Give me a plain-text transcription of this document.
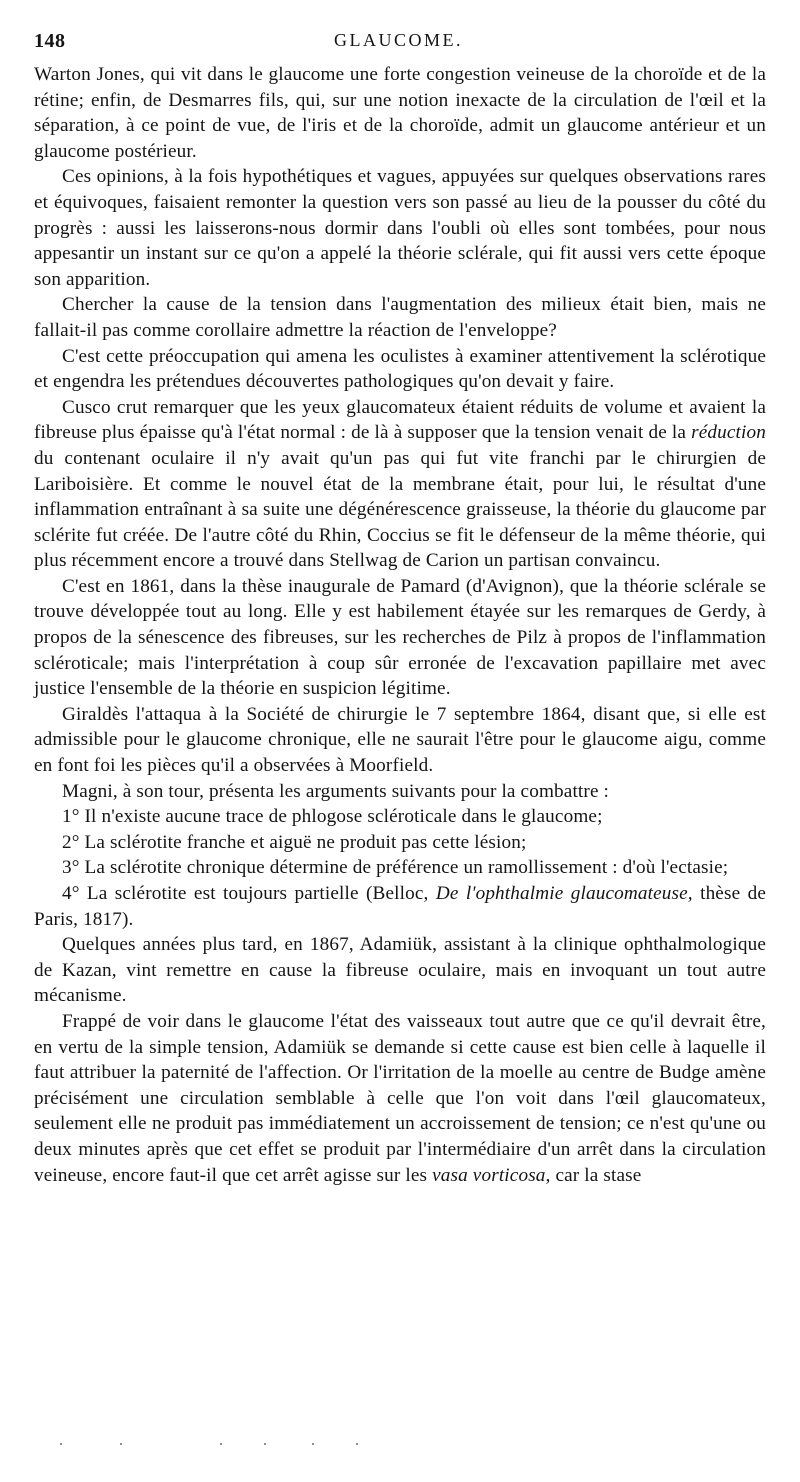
148	GLAUCOME.

Warton Jones, qui vit dans le glaucome une forte congestion veineuse de la choroïde et de la rétine; enfin, de Desmarres fils, qui, sur une notion inexacte de la circulation de l'œil et la séparation, à ce point de vue, de l'iris et de la choroïde, admit un glaucome antérieur et un glaucome postérieur.

Ces opinions, à la fois hypothétiques et vagues, appuyées sur quelques observations rares et équivoques, faisaient remonter la question vers son passé au lieu de la pousser du côté du progrès : aussi les laisserons-nous dormir dans l'oubli où elles sont tombées, pour nous appesantir un instant sur ce qu'on a appelé la théorie sclérale, qui fit aussi vers cette époque son apparition.

Chercher la cause de la tension dans l'augmentation des milieux était bien, mais ne fallait-il pas comme corollaire admettre la réaction de l'enveloppe?

C'est cette préoccupation qui amena les oculistes à examiner attentivement la sclérotique et engendra les prétendues découvertes pathologiques qu'on devait y faire.

Cusco crut remarquer que les yeux glaucomateux étaient réduits de volume et avaient la fibreuse plus épaisse qu'à l'état normal : de là à supposer que la tension venait de la réduction du contenant oculaire il n'y avait qu'un pas qui fut vite franchi par le chirurgien de Lariboisière. Et comme le nouvel état de la membrane était, pour lui, le résultat d'une inflammation entraînant à sa suite une dégénérescence graisseuse, la théorie du glaucome par sclérite fut créée. De l'autre côté du Rhin, Coccius se fit le défenseur de la même théorie, qui plus récemment encore a trouvé dans Stellwag de Carion un partisan convaincu.

C'est en 1861, dans la thèse inaugurale de Pamard (d'Avignon), que la théorie sclérale se trouve développée tout au long. Elle y est habilement étayée sur les remarques de Gerdy, à propos de la sénescence des fibreuses, sur les recherches de Pilz à propos de l'inflammation scléroticale; mais l'interprétation à coup sûr erronée de l'excavation papillaire met avec justice l'ensemble de la théorie en suspicion légitime.

Giraldès l'attaqua à la Société de chirurgie le 7 septembre 1864, disant que, si elle est admissible pour le glaucome chronique, elle ne saurait l'être pour le glaucome aigu, comme en font foi les pièces qu'il a observées à Moorfield.

Magni, à son tour, présenta les arguments suivants pour la combattre :

1° Il n'existe aucune trace de phlogose scléroticale dans le glaucome;

2° La sclérotite franche et aiguë ne produit pas cette lésion;

3° La sclérotite chronique détermine de préférence un ramollissement : d'où l'ectasie;

4° La sclérotite est toujours partielle (Belloc, De l'ophthalmie glaucomateuse, thèse de Paris, 1817).

Quelques années plus tard, en 1867, Adamiük, assistant à la clinique ophthalmologique de Kazan, vint remettre en cause la fibreuse oculaire, mais en invoquant un tout autre mécanisme.

Frappé de voir dans le glaucome l'état des vaisseaux tout autre que ce qu'il devrait être, en vertu de la simple tension, Adamiük se demande si cette cause est bien celle à laquelle il faut attribuer la paternité de l'affection. Or l'irritation de la moelle au centre de Budge amène précisément une circulation semblable à celle que l'on voit dans l'œil glaucomateux, seulement elle ne produit pas immédiatement un accroissement de tension; ce n'est qu'une ou deux minutes après que cet effet se produit par l'intermédiaire d'un arrêt dans la circulation veineuse, encore faut-il que cet arrêt agisse sur les vasa vorticosa, car la stase
